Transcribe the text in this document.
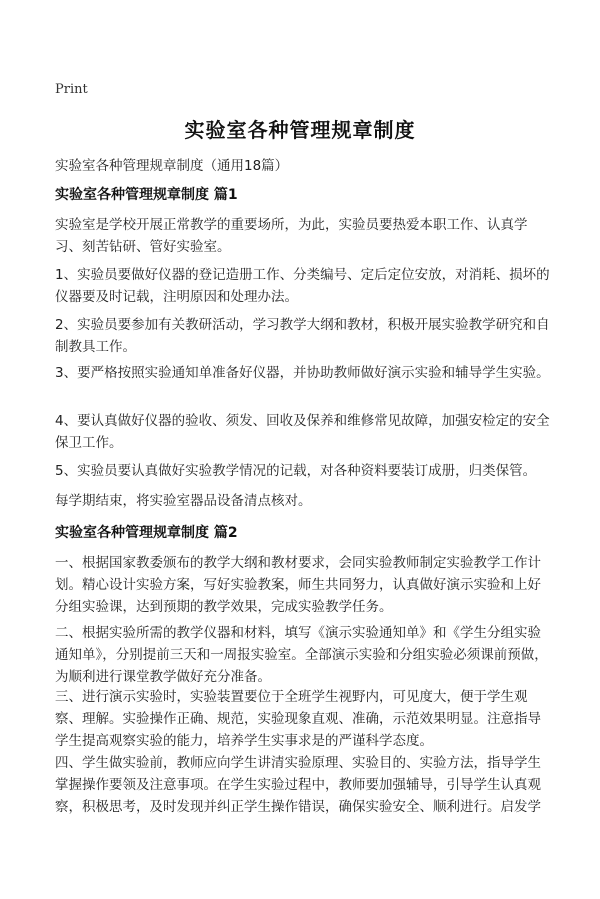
Print
实验室各种管理规章制度
实验室各种管理规章制度（通用18篇）

实验室各种管理规章制度 篇1

实验室是学校开展正常教学的重要场所，为此，实验员要热爱本职工作、认真学习、刻苦钻研、管好实验室。

1、实验员要做好仪器的登记造册工作、分类编号、定后定位安放，对消耗、损坏的仪器要及时记载，注明原因和处理办法。

2、实验员要参加有关教研活动，学习教学大纲和教材，积极开展实验教学研究和自制教具工作。

3、要严格按照实验通知单准备好仪器，并协助教师做好演示实验和辅导学生实验。

4、要认真做好仪器的验收、须发、回收及保养和维修常见故障，加强安检定的安全保卫工作。

5、实验员要认真做好实验教学情况的记载，对各种资料要装订成册，归类保管。

每学期结束，将实验室器品设备清点核对。

实验室各种管理规章制度 篇2

一、根据国家教委颁布的教学大纲和教材要求，会同实验教师制定实验教学工作计划。精心设计实验方案，写好实验教案，师生共同努力，认真做好演示实验和上好分组实验课，达到预期的教学效果，完成实验教学任务。

二、根据实验所需的教学仪器和材料，填写《演示实验通知单》和《学生分组实验通知单》，分别提前三天和一周报实验室。全部演示实验和分组实验必须课前预做，为顺利进行课堂教学做好充分准备。

三、进行演示实验时，实验装置要位于全班学生视野内，可见度大，便于学生观察、理解。实验操作正确、规范，实验现象直观、准确，示范效果明显。注意指导学生提高观察实验的能力，培养学生实事求是的严谨科学态度。

四、学生做实验前，教师应向学生讲清实验原理、实验目的、实验方法，指导学生掌握操作要领及注意事项。在学生实验过程中，教师要加强辅导，引导学生认真观察，积极思考，及时发现并纠正学生操作错误，确保实验安全、顺利进行。启发学
